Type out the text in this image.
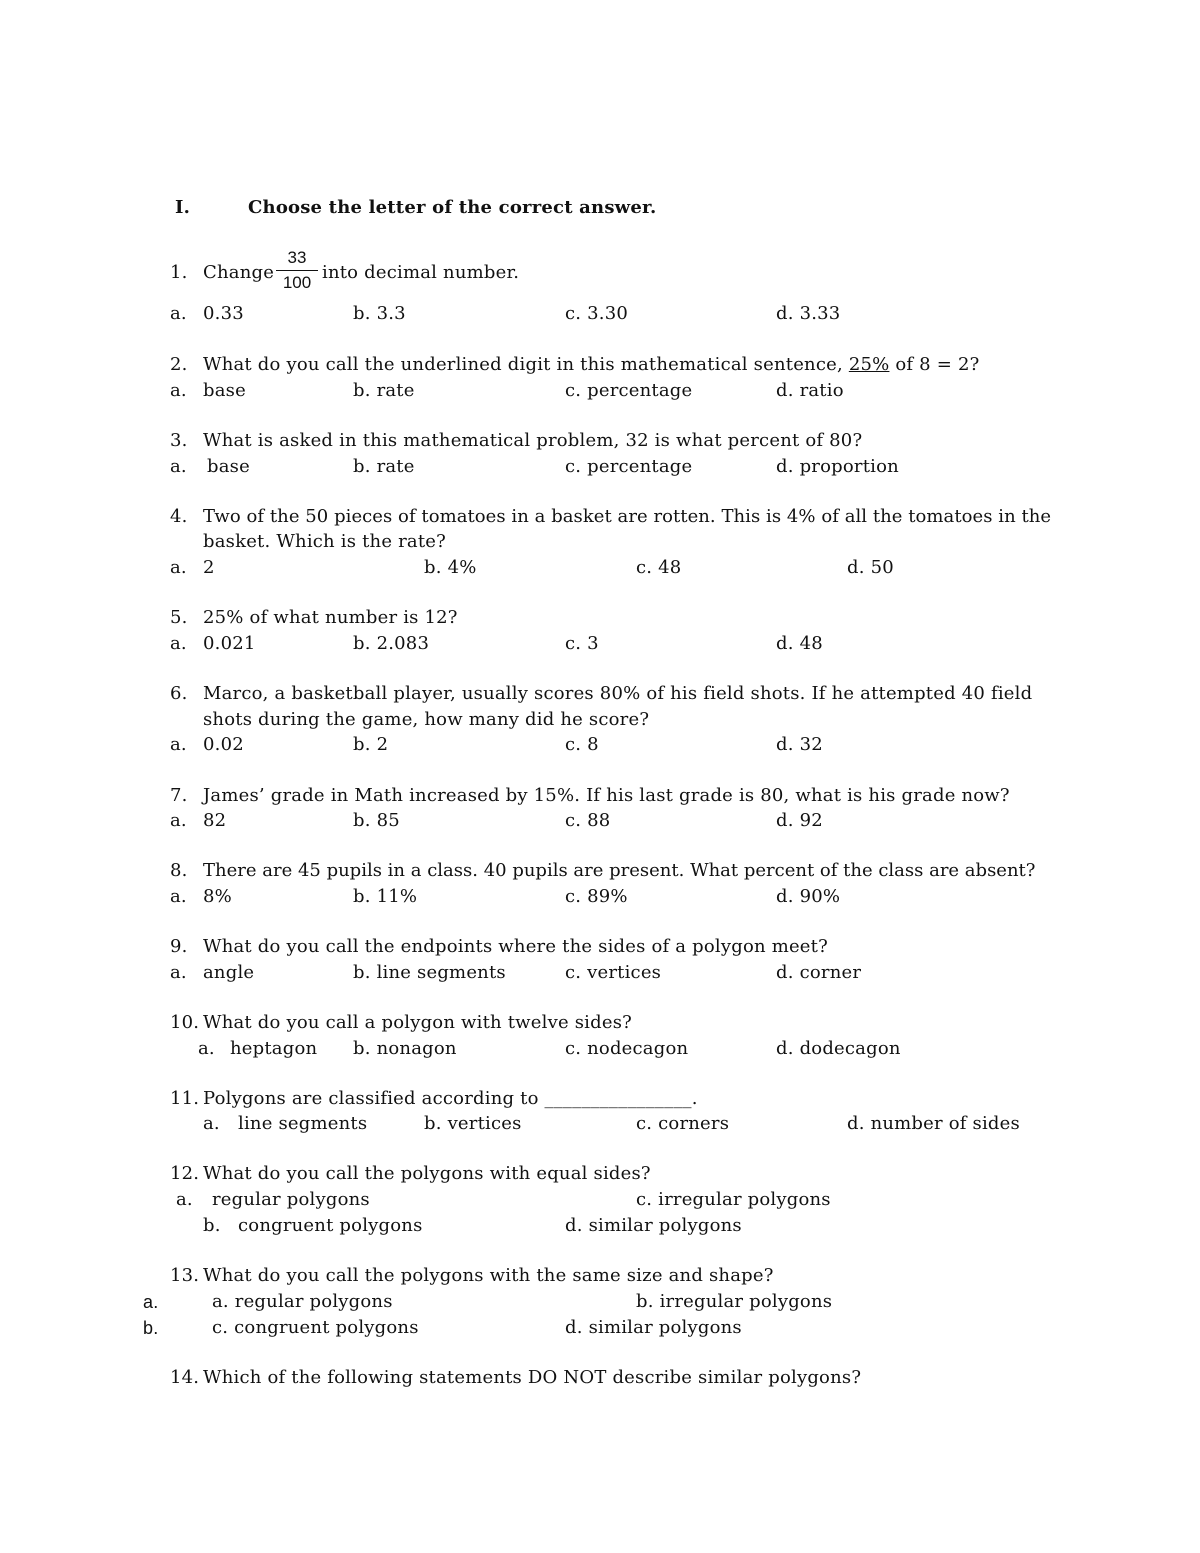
I.	Choose the letter of the correct answer.
1. Change
33
100 into decimal number.
a. 0.33	b. 3.3	c. 3.30	d. 3.33
2. What do you call the underlined digit in this mathematical sentence, 25% of 8 = 2?
a. base	b. rate	c. percentage	d. ratio
3. What is asked in this mathematical problem, 32 is what percent of 80?
a. base	b. rate	c. percentage	d. proportion
4. Two of the 50 pieces of tomatoes in a basket are rotten. This is 4% of all the tomatoes in the
basket. Which is the rate?
a. 2	b. 4%	c. 48	d. 50
5. 25% of what number is 12?
a. 0.021	b. 2.083	c. 3	d. 48
6. Marco, a basketball player, usually scores 80% of his field shots. If he attempted 40 field
shots during the game, how many did he score?
a. 0.02	b. 2	c. 8	d. 32
7. James’ grade in Math increased by 15%. If his last grade is 80, what is his grade now?
a. 82	b. 85	c. 88	d. 92
8. There are 45 pupils in a class. 40 pupils are present. What percent of the class are absent?
a. 8%	b. 11%	c. 89%	d. 90%
9. What do you call the endpoints where the sides of a polygon meet?
a. angle	b. line segments	c. vertices	d. corner
10. What do you call a polygon with twelve sides?
a. heptagon b. nonagon	c. nodecagon	d. dodecagon
11. Polygons are classified according to ________________.
a. line segments	b. vertices	c. corners	d. number of sides
12. What do you call the polygons with equal sides?
a. regular polygons	c. irregular polygons
b. congruent polygons	d. similar polygons
13. What do you call the polygons with the same size and shape?
a.	a. regular polygons	b. irregular polygons
b.	c. congruent polygons	d. similar polygons
14. Which of the following statements DO NOT describe similar polygons?
